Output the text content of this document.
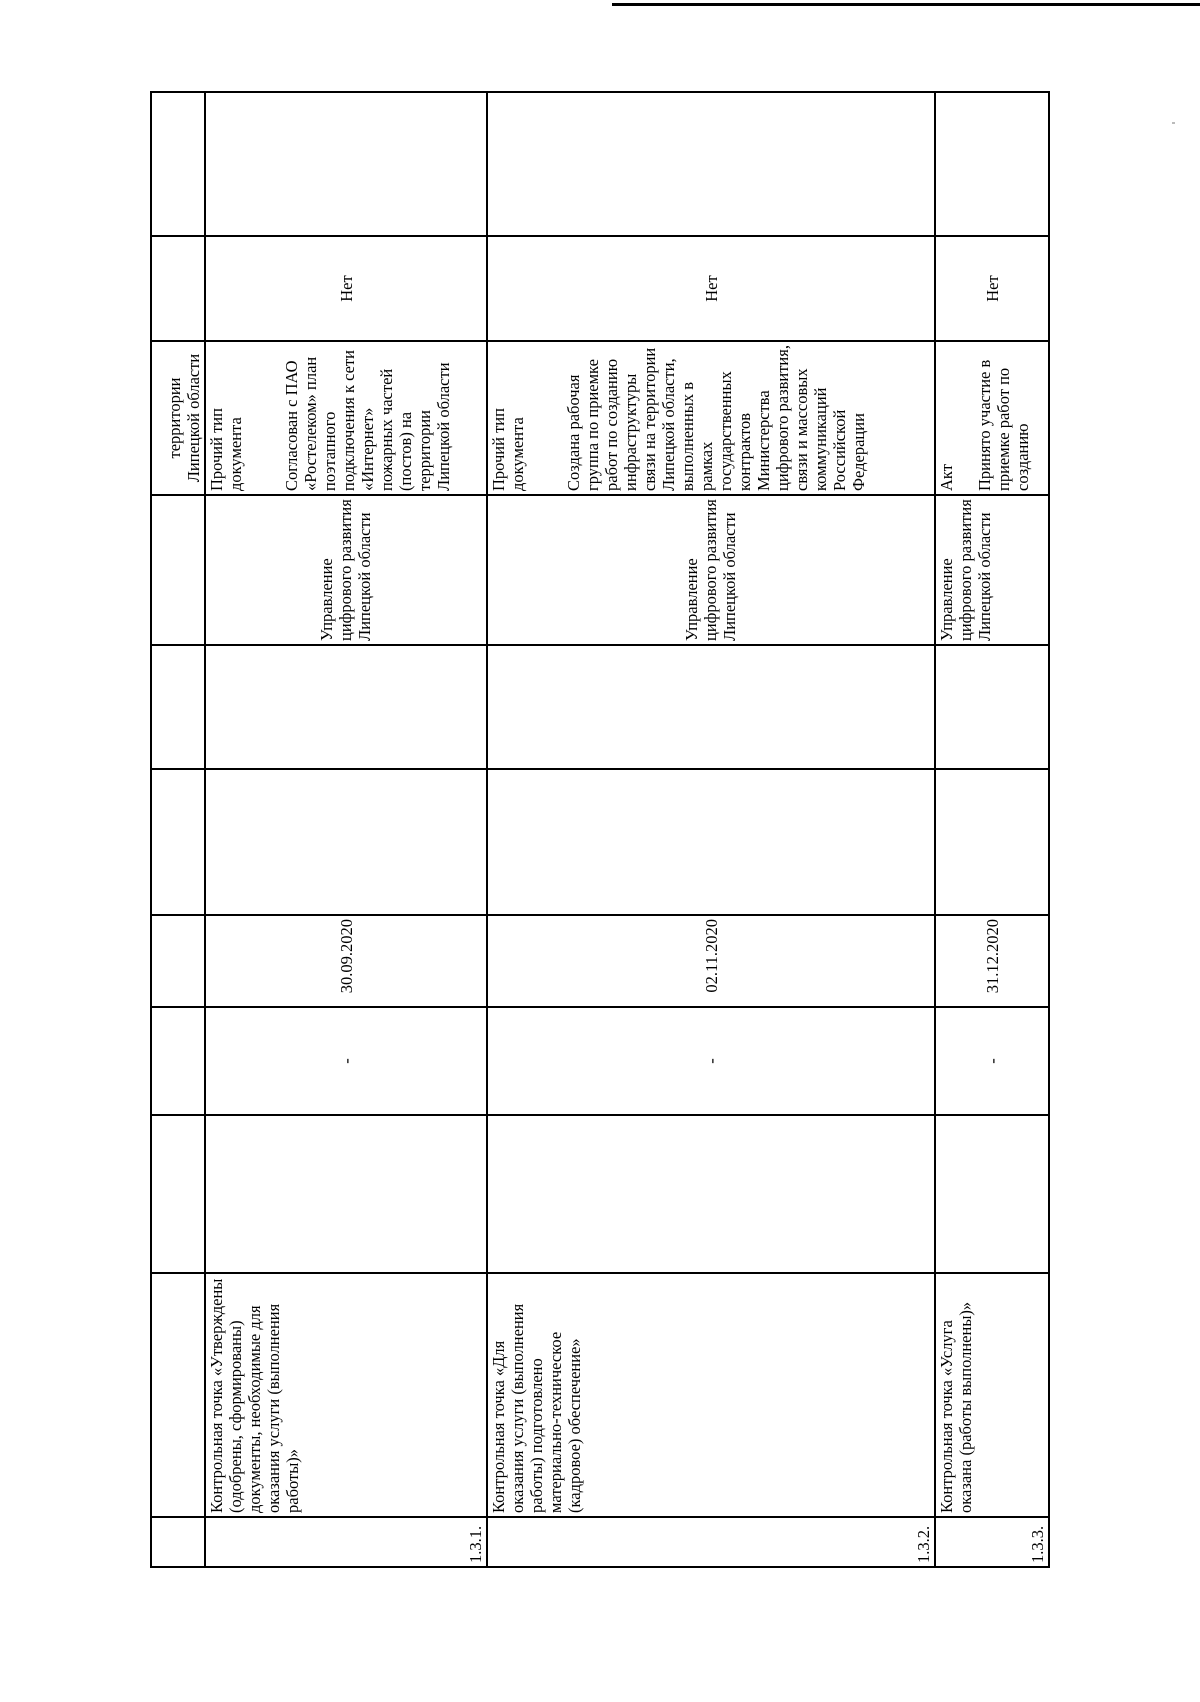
								территории Липецкой области		
1.3.1.	Контрольная точка «Утверждены (одобрены, сформированы) документы, необходимые для оказания услуги (выполнения работы)»		-	30.09.2020			Управление цифрового развития Липецкой области	Прочий тип документа Согласован с ПАО «Ростелеком» план поэтапного подключения к сети «Интернет» пожарных частей (постов) на территории Липецкой области	Нет	
1.3.2.	Контрольная точка «Для оказания услуги (выполнения работы) подготовлено материально-техническое (кадровое) обеспечение»		-	02.11.2020			Управление цифрового развития Липецкой области	Прочий тип документа Создана рабочая группа по приемке работ по созданию инфраструктуры связи на территории Липецкой области, выполненных в рамках государственных контрактов Министерства цифрового развития, связи и массовых коммуникаций Российской Федерации	Нет	
1.3.3.	Контрольная точка «Услуга оказана (работы выполнены)»		-	31.12.2020			Управление цифрового развития Липецкой области	Акт Принято участие в приемке работ по созданию	Нет	
